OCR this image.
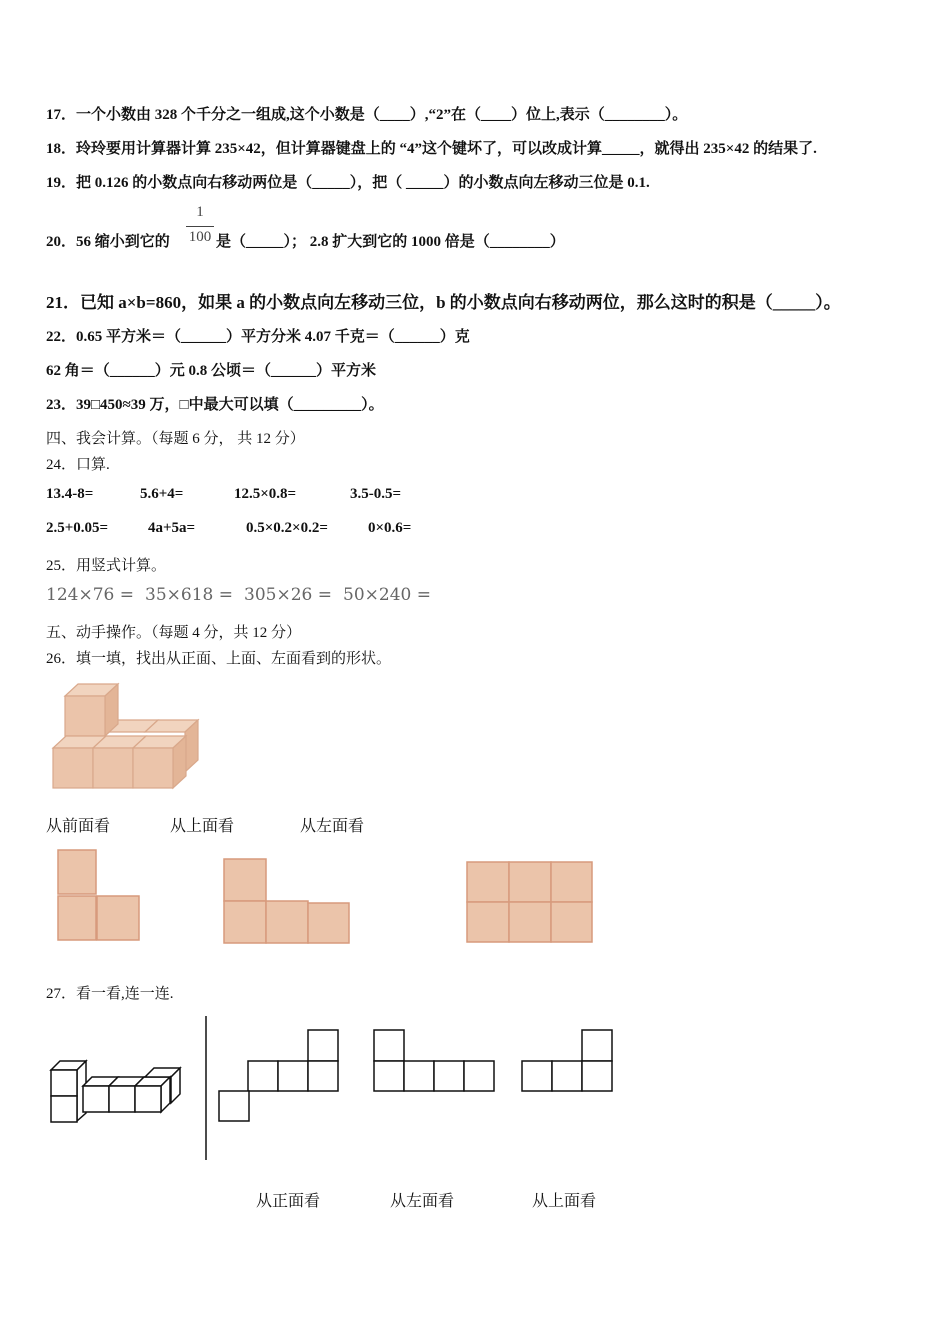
17．一个小数由 328 个千分之一组成,这个小数是（____）,“2”在（____）位上,表示（________）。
18．玲玲要用计算器计算 235×42，但计算器键盘上的 “4”这个键坏了，可以改成计算_____，就得出 235×42 的结果了.
19．把 0.126 的小数点向右移动两位是（_____），把（ _____）的小数点向左移动三位是 0.1.
20．56 缩小到它的
1
100 是（_____）； 2.8 扩大到它的 1000 倍是（________）
21．已知 a×b=860，如果 a 的小数点向左移动三位，b 的小数点向右移动两位，那么这时的积是（_____）。
22．0.65 平方米＝（______）平方分米 4.07 千克＝（______）克
62 角＝（______）元 0.8 公顷＝（______）平方米
23．39□450≈39 万，□中最大可以填（_________）。
四、我会计算。（每题 6 分， 共 12 分）
24．口算.
13.4-8=	5.6+4=	12.5×0.8=	3.5-0.5=
2.5+0.05=	4a+5a=	0.5×0.2×0.2=	0×0.6=
25．用竖式计算。
124×76 = 35×618 = 305×26 = 50×240 =
五、动手操作。（每题 4 分，共 12 分）
26．填一填，找出从正面、上面、左面看到的形状。
从前面看	从上面看	从左面看
27．看一看,连一连.
从正面看	从左面看	从上面看
